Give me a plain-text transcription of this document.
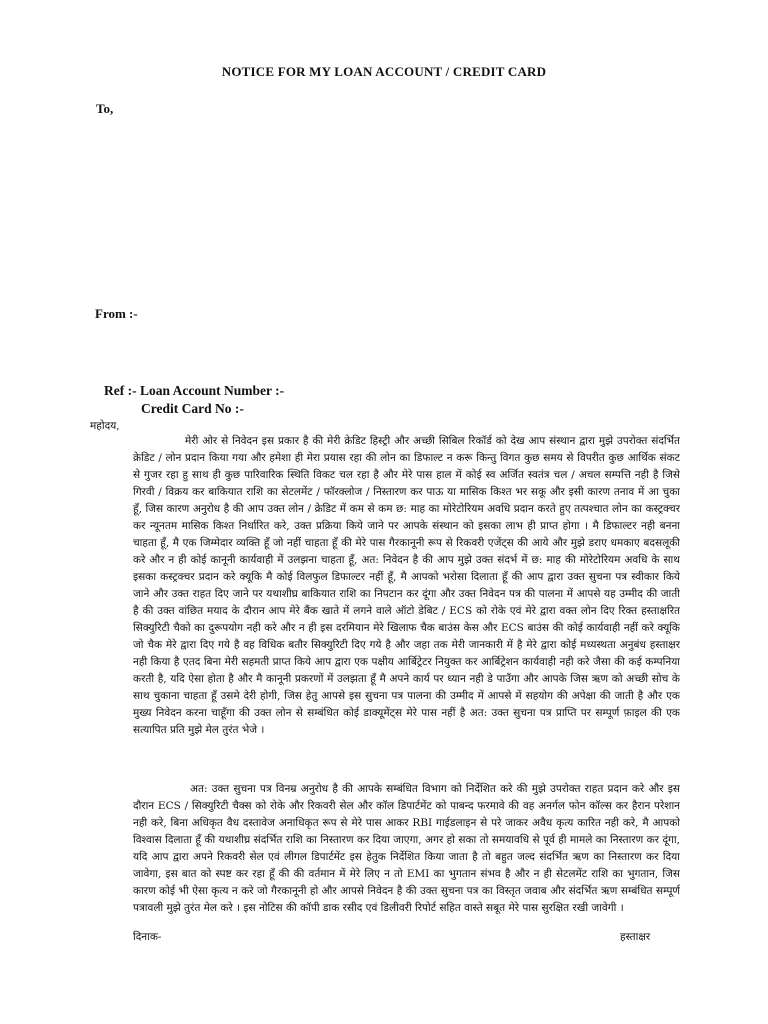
NOTICE FOR MY LOAN ACCOUNT / CREDIT CARD
To,
From :-
Ref :- Loan Account Number :-
Credit Card No :-
महोदय,
मेरी ओर से निवेदन इस प्रकार है की मेरी क्रेडिट हिस्ट्री और अच्छी सिबिल रिकॉर्ड को देख आप संस्थान द्वारा मुझे उपरोक्त संदर्भित क्रेडिट / लोन प्रदान किया गया और हमेशा ही मेरा प्रयास रहा की लोन का डिफाल्ट न करू किन्तु विगत कुछ समय से विपरीत कुछ आर्थिक संकट से गुजर रहा हु साथ ही कुछ पारिवारिक स्थिति विकट चल रहा है और मेरे पास हाल में कोई स्व अर्जित स्वतंत्र चल / अचल सम्पत्ति नही है जिसे गिरवी / विक्रय कर बाकियात राशि का सेटलमेंट / फॉरक्लोज / निस्तारण कर पाऊ या मासिक किश्त भर सकू और इसी कारण तनाव में आ चुका हूँ, जिस कारण अनुरोध है की आप उक्त लोन / क्रेडिट में कम से कम छ: माह का मोरेटोरियम अवधि प्रदान करते हुए तत्पश्चात लोन का कस्ट्रक्चर कर न्यूनतम मासिक किश्त निर्धारित करे, उक्त प्रक्रिया किये जाने पर आपके संस्थान को इसका लाभ ही प्राप्त होगा । मै डिफाल्टर नही बनना चाहता हूँ, मै एक जिम्मेदार व्यक्ति हूँ जो नहीं चाहता हूँ की मेरे पास गैरकानूनी रूप से रिकवरी एजेंट्स की आये और मुझे डराए धमकाए बदसलूकी करे और न ही कोई कानूनी कार्यवाही में उलझना चाहता हूँ, अत: निवेदन है की आप मुझे उक्त संदर्भ में छ: माह की मोरेटोरियम अवधि के साथ इसका कस्ट्रक्चर प्रदान करे क्यूकि मै कोई विलफुल डिफाल्टर नहीं हूँ, मै आपको भरोसा दिलाता हूँ की आप द्वारा उक्त सुचना पत्र स्वीकार किये जाने और उक्त राहत दिए जाने पर यथाशीघ्र बाकियात राशि का निपटान कर दूंगा और उक्त निवेदन पत्र की पालना में आपसे यह उम्मीद की जाती है की उक्त वांछित मयाद के दौरान आप मेरे बैंक खाते में लगने वाले ऑटो डेबिट / ECS को रोके एवं मेरे द्वारा वक्त लोन दिए रिक्त हस्ताक्षरित सिक्युरिटी चैको का दुरूपयोग नही करे और न ही इस दरमियान मेरे खिलाफ चैक बाउंस केस और ECS बाउंस की कोई कार्यवाही नहीं करे क्यूकि जो चैक मेरे द्वारा दिए गये है वह विधिक बतौर सिक्युरिटी दिए गये है और जहा तक मेरी जानकारी में है मेरे द्वारा कोई मध्यस्थता अनुबंध हस्ताक्षर नही किया है एतद बिना मेरी सहमती प्राप्त किये आप द्वारा एक पक्षीय आर्बिट्रेटर नियुक्त कर आर्बिट्रेशन कार्यवाही नही करे जैसा की कई कम्पनिया करती है, यदि ऐसा होता है और मै कानूनी प्रकरणों में उलझता हूँ मै अपने कार्य पर ध्यान नही डे पाउँगा और आपके जिस ऋण को अच्छी सोच के साथ चुकाना चाहता हूँ उसमे देरी होगी, जिस हेतु आपसे इस सुचना पत्र पालना की उम्मीद में आपसे में सहयोग की अपेक्षा की जाती है और एक मुख्य निवेदन करना चाहूँगा की उक्त लोन से सम्बंधित कोई डाक्यूमेंट्स मेरे पास नहीं है अत: उक्त सुचना पत्र प्राप्ति पर सम्पूर्ण फ़ाइल की एक सत्यापित प्रति मुझे मेल तुरंत भेजे ।
अत: उक्त सुचना पत्र विनम्र अनुरोध है की आपके सम्बंधित विभाग को निर्देशित करे की मुझे उपरोक्त राहत प्रदान करे और इस दौरान ECS / सिक्युरिटी चैक्स को रोके और रिकवरी सेल और कॉल डिपार्टमेंट को पाबन्द फरमावे की वह अनर्गल फोन कॉल्स कर हैरान परेशान नही करे, बिना अधिकृत वैध दस्तावेज अनाधिकृत रूप से मेरे पास आकर RBI गाईडलाइन से परे जाकर अवैध कृत्य कारित नही करे, मै आपको विश्वास दिलाता हूँ की यथाशीघ्र संदर्भित राशि का निस्तारण कर दिया जाएगा, अगर हो सका तो समयावधि से पूर्व ही मामले का निस्तारण कर दूंगा, यदि आप द्वारा अपने रिकवरी सेल एवं लीगल डिपार्टमेंट इस हेतुक निर्देशित किया जाता है तो बहुत जल्द संदर्भित ऋण का निस्तारण कर दिया जावेगा, इस बात को स्पष्ट कर रहा हूँ की की वर्तमान में मेरे लिए न तो EMI का भुगतान संभव है और न ही सेटलमेंट राशि का भुगतान, जिस कारण कोई भी ऐसा कृत्य न करे जो गैरकानूनी हो और आपसे निवेदन है की उक्त सुचना पत्र का विस्तृत जवाब और संदर्भित ऋण सम्बंधित सम्पूर्ण पत्रावली मुझे तुरंत मेल करे । इस नोटिस की कॉपी डाक रसीद एवं डिलीवरी रिपोर्ट सहित वास्ते सबूत मेरे पास सुरक्षित रखी जावेगी ।
दिनाक-	हस्ताक्षर
